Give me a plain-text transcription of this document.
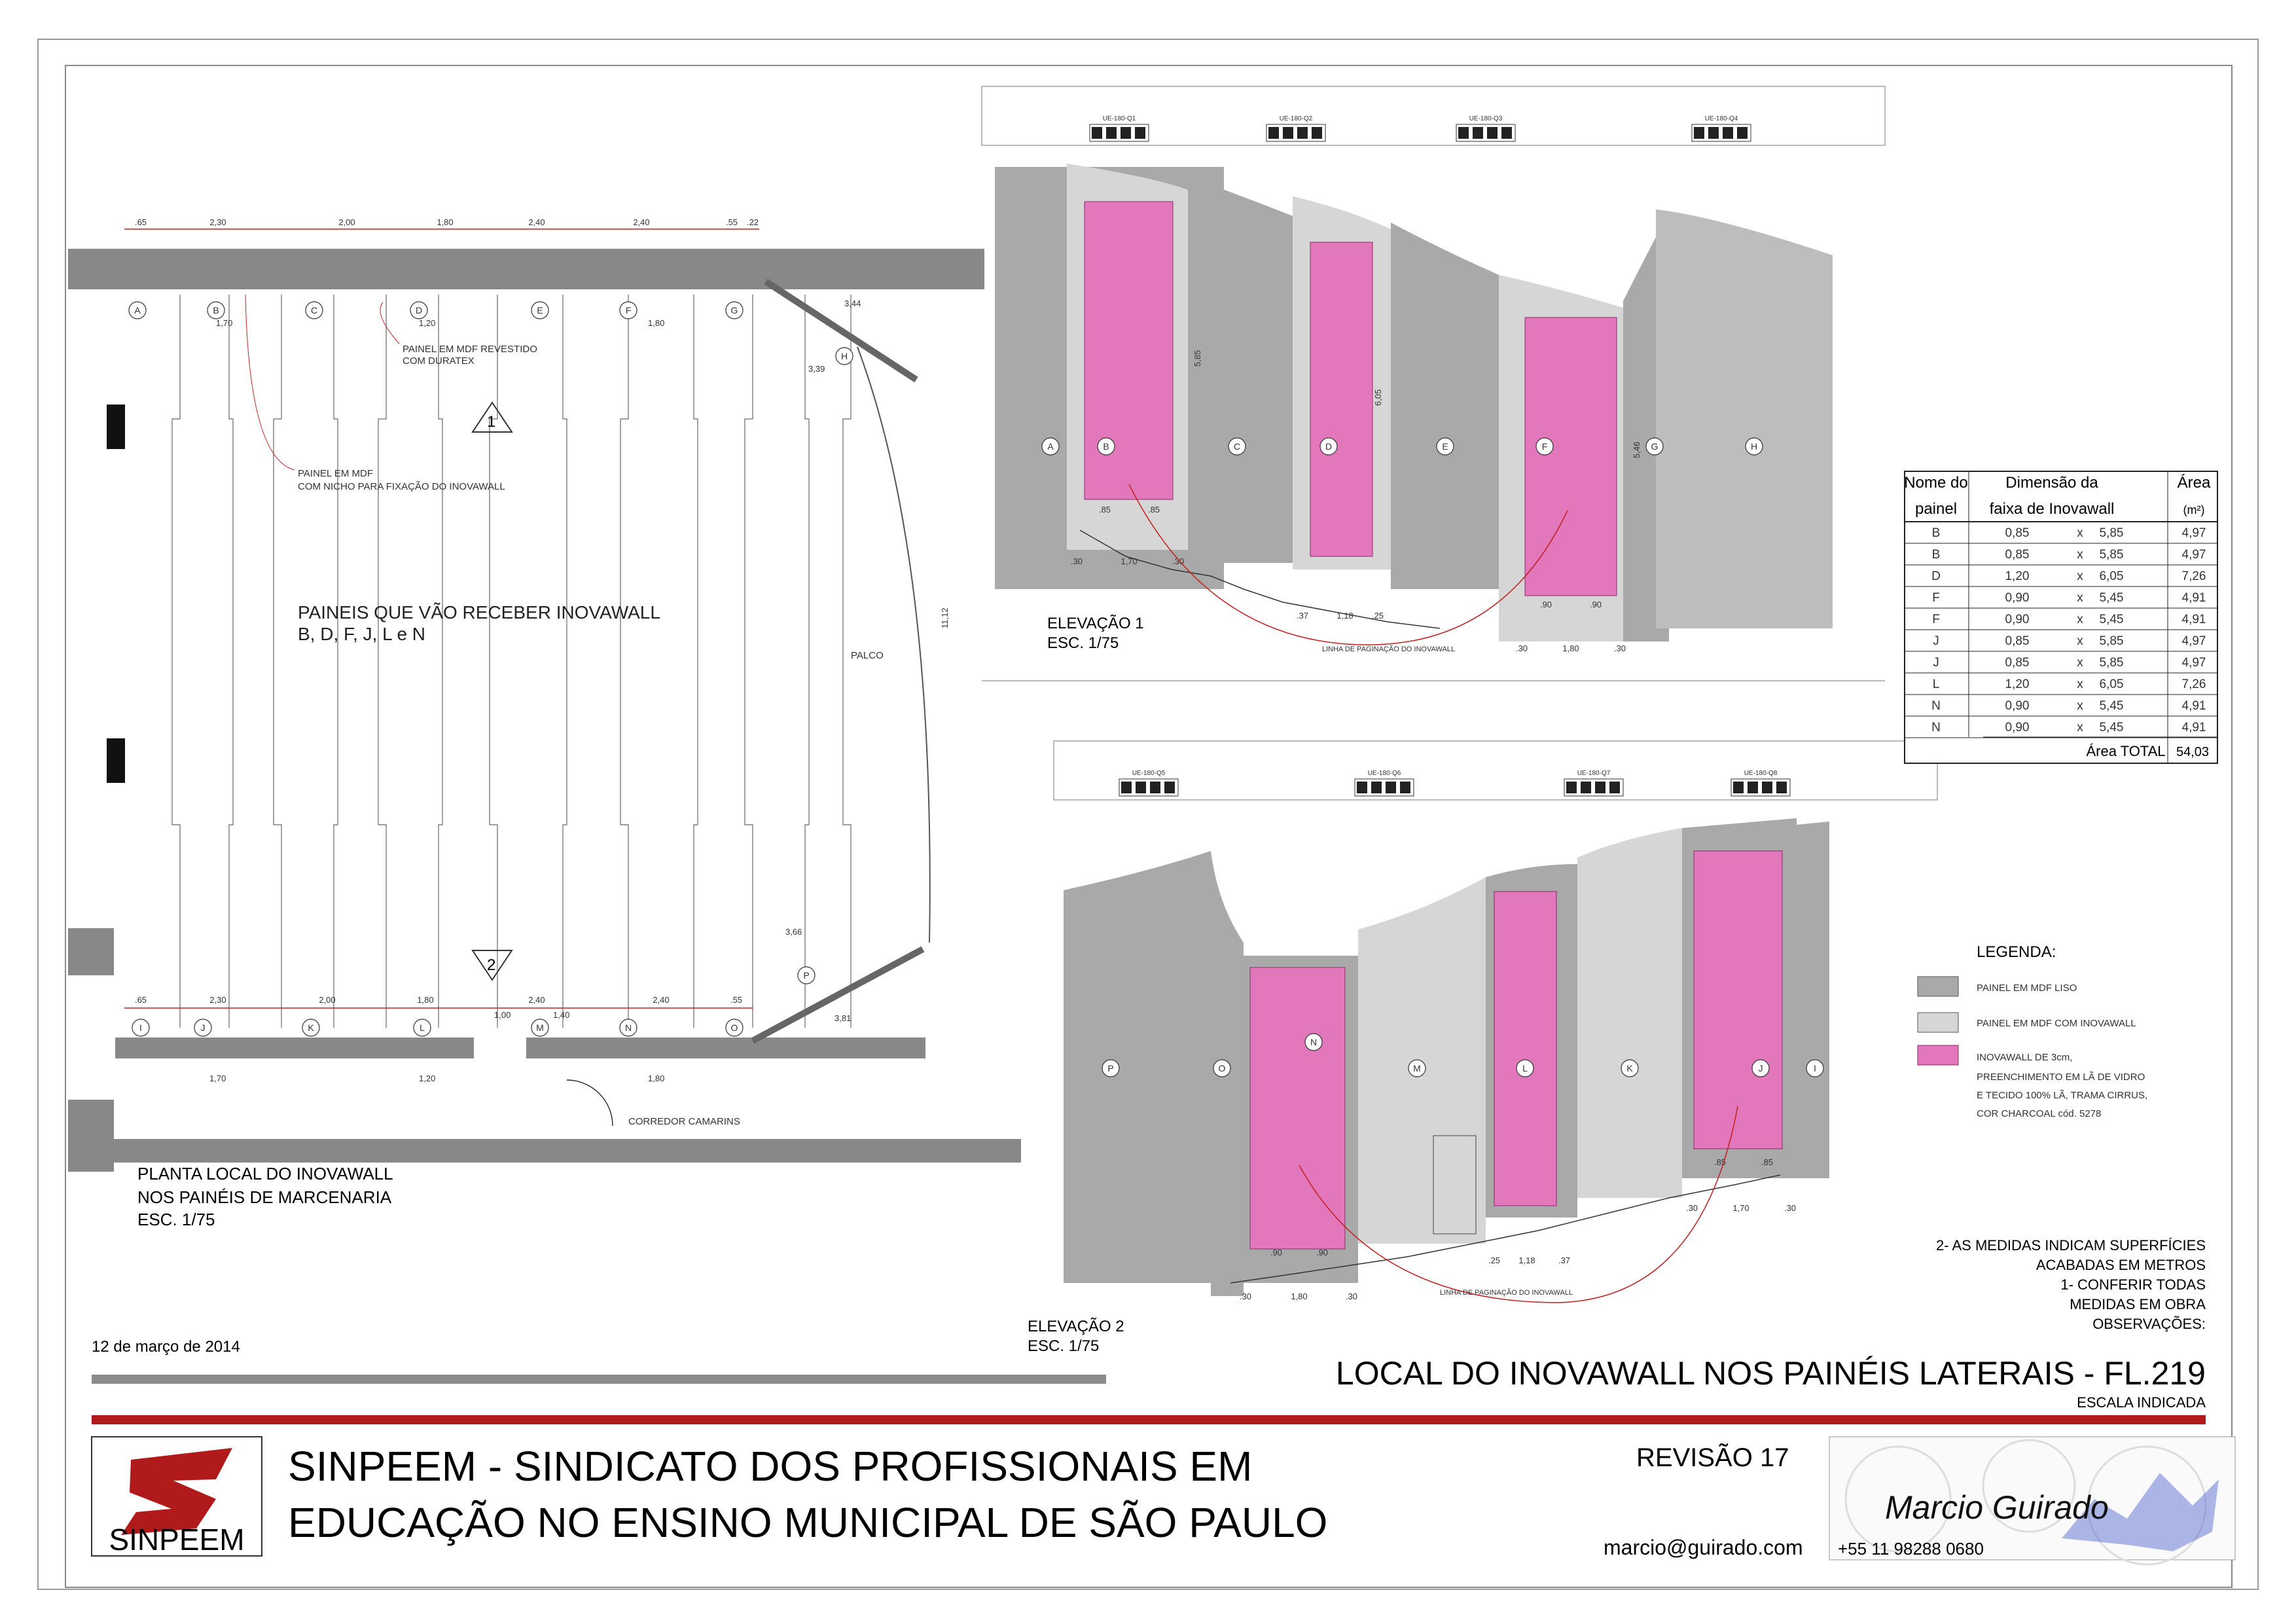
.65	2,30	2,00	1,80	2,40	2,40	.55 .22
A	B	C	D	E	F	G
H
I	J	K	L	M	N	O
P
.65	2,30	2,00	1,80	2,40	2,40	.55
1,70	1,20	1,80
1,70	1,20	1,80
1,00	1,40
3,44
3,39
3,66
3,81
11,12
PAINEL EM MDF REVESTIDO
COM DURATEX
PAINEL EM MDF
COM NICHO PARA FIXAÇÃO DO INOVAWALL
PAINEIS QUE VÃO RECEBER INOVAWALL
B, D, F, J, L e N
1
2
PALCO
CORREDOR CAMARINS
PLANTA LOCAL DO INOVAWALL
NOS PAINÉIS DE MARCENARIA
ESC. 1/75
UE-180-Q1	UE-180-Q2	UE-180-Q3	UE-180-Q4
A	B	C	D	E	F	G	H
.85	.85
.30	1,70	.30
.37	1,18 .25
.90	.90
.30	1,80	.30
5,85
6,05
5,46
LINHA DE PAGINAÇÃO DO INOVAWALL
ELEVAÇÃO 1
ESC. 1/75
UE-180-Q5	UE-180-Q6	UE-180-Q7	UE-180-Q8
P	O
N
M	L	K	J	I
.90	.90
.30	1,80	.30
.25 1,18	.37
.85	.85
.30	1,70	.30
LINHA DE PAGINAÇÃO DO INOVAWALL
ELEVAÇÃO 2
ESC. 1/75
Nome do
painel
Dimensão da
faixa de Inovawall
Área
(m²)
B	0,85	x 5,85	4,97
B	0,85	x 5,85	4,97
D	1,20	x 6,05	7,26
F	0,90	x 5,45	4,91
F	0,90	x 5,45	4,91
J	0,85	x 5,85	4,97
J	0,85	x 5,85	4,97
L	1,20	x 6,05	7,26
N	0,90	x 5,45	4,91
N	0,90	x 5,45	4,91
Área TOTAL 54,03
LEGENDA:
PAINEL EM MDF LISO
PAINEL EM MDF COM INOVAWALL
INOVAWALL DE 3cm,
PREENCHIMENTO EM LÃ DE VIDRO
E TECIDO 100% LÃ, TRAMA CIRRUS,
COR CHARCOAL cód. 5278
2- AS MEDIDAS INDICAM SUPERFÍCIES
ACABADAS EM METROS
1- CONFERIR TODAS
MEDIDAS EM OBRA
OBSERVAÇÕES:
12 de março de 2014
LOCAL DO INOVAWALL NOS PAINÉIS LATERAIS - FL.219
ESCALA INDICADA
SINPEEM
SINPEEM - SINDICATO DOS PROFISSIONAIS EM
EDUCAÇÃO NO ENSINO MUNICIPAL DE SÃO PAULO
REVISÃO 17
marcio@guirado.com
Marcio Guirado
+55 11 98288 0680
